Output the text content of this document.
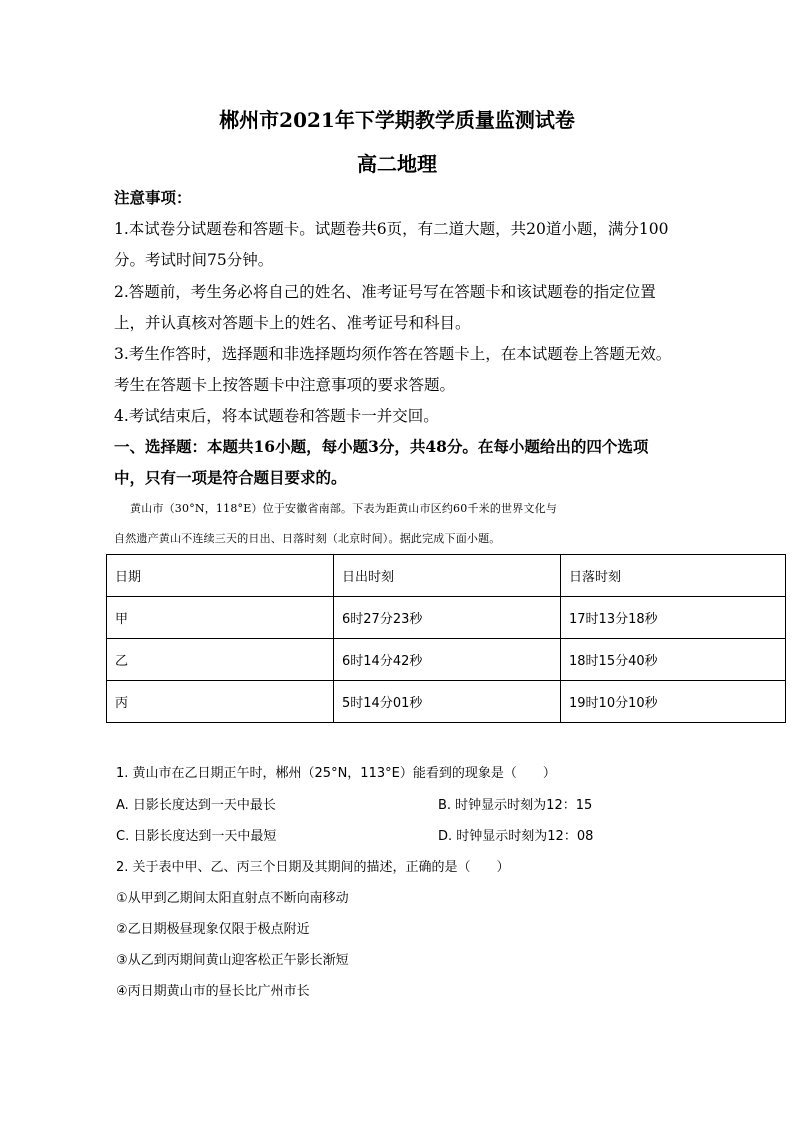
郴州市2021年下学期教学质量监测试卷
高二地理
注意事项：
1.本试卷分试题卷和答题卡。试题卷共6页，有二道大题，共20道小题，满分100
分。考试时间75分钟。
2.答题前，考生务必将自己的姓名、准考证号写在答题卡和该试题卷的指定位置
上，并认真核对答题卡上的姓名、准考证号和科目。
3.考生作答时，选择题和非选择题均须作答在答题卡上，在本试题卷上答题无效。
考生在答题卡上按答题卡中注意事项的要求答题。
4.考试结束后，将本试题卷和答题卡一并交回。
一、选择题：本题共16小题，每小题3分，共48分。在每小题给出的四个选项
中，只有一项是符合题目要求的。
黄山市（30°N，118°E）位于安徽省南部。下表为距黄山市区约60千米的世界文化与
自然遗产黄山不连续三天的日出、日落时刻（北京时间）。据此完成下面小题。
日期	日出时刻	日落时刻
甲	6时27分23秒	17时13分18秒
乙	6时14分42秒	18时15分40秒
丙	5时14分01秒	19时10分10秒
1. 黄山市在乙日期正午时，郴州（25°N，113°E）能看到的现象是（　　）
A. 日影长度达到一天中最长	B. 时钟显示时刻为12：15
C. 日影长度达到一天中最短	D. 时钟显示时刻为12：08
2. 关于表中甲、乙、丙三个日期及其期间的描述，正确的是（　　）
①从甲到乙期间太阳直射点不断向南移动
②乙日期极昼现象仅限于极点附近
③从乙到丙期间黄山迎客松正午影长渐短
④丙日期黄山市的昼长比广州市长
